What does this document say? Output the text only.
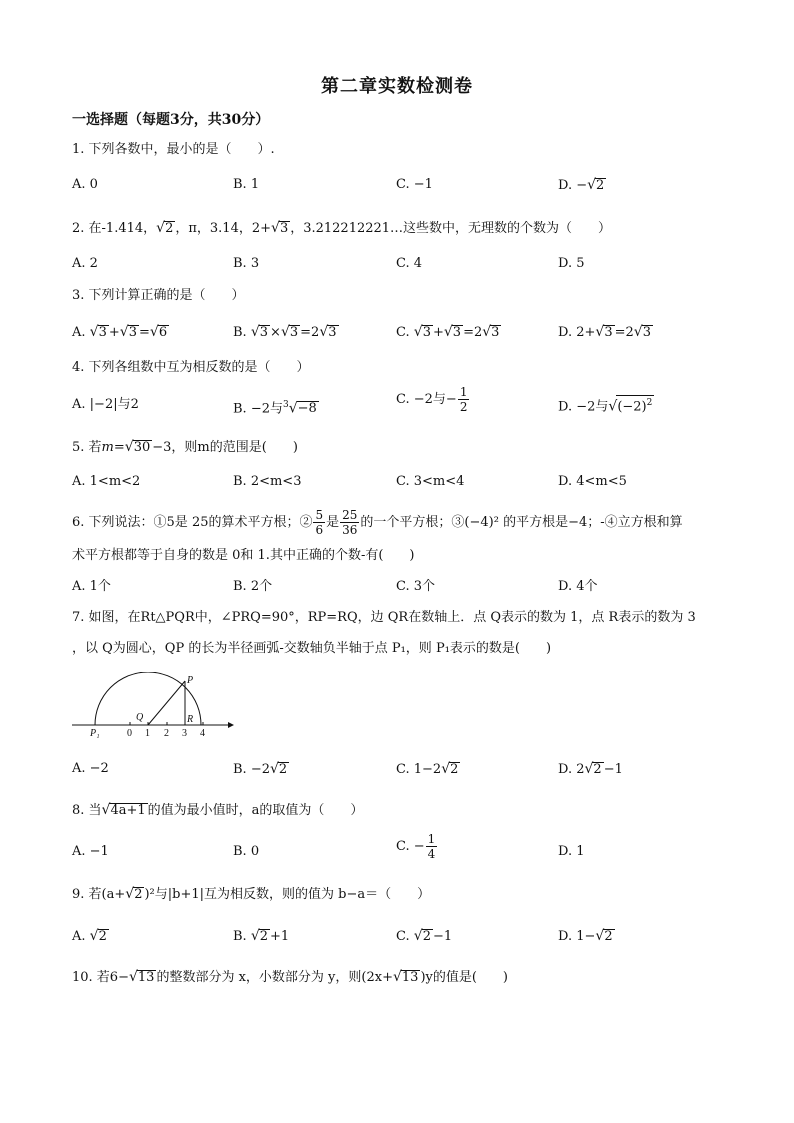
第二章实数检测卷
一选择题（每题3分，共30分）
1. 下列各数中，最小的是（　　）.
A. 0	B. 1	C. −1	D. −√2
2. 在-1.414，√2 ，π，3.14，2+√3 ，3.212212221…这些数中，无理数的个数为（　　）
A. 2	B. 3	C. 4	D. 5
3. 下列计算正确的是（　　）
A. √3 +√3 =√6	B. √3 ×√3 =2√3	C. √3 +√3 =2√3	D. 2+√3 =2√3
4. 下列各组数中互为相反数的是（　　）
A. |−2|与2	B. −2与$^3$√−8
C. −2与− $\frac{1}{2}$	D. −2与$√(-2)^2$
5. 若m=√30 −3，则m的范围是(　　)
A. 1<m<2	B. 2<m<3	C. 3<m<4	D. 4<m<5
6. 下列说法：①5是 25的算术平方根；② $\frac{5}{6}$ 是 $\frac{25}{36}$ 的一个平方根；③(−4)² 的平方根是−4；-④立方根和算
术平方根都等于自身的数是 0和 1.其中正确的个数-有(　　)
A. 1个	B. 2个	C. 3个	D. 4个
7. 如图，在Rt△PQR中，∠PRQ=90°，RP=RQ，边 QR在数轴上．点 Q表示的数为 1，点 R表示的数为 3
，以 Q为圆心，QP 的长为半径画弧-交数轴负半轴于点 P₁，则 P₁表示的数是(　　)
P
Q	R
P₁	0 1 2 3 4
A. −2	B. −2√2	C. 1−2√2	D. 2√2 −1
8. 当√4a+1 的值为最小值时，a的取值为（　　）
A. −1	B. 0	C. − $\frac{1}{4}$	D. 1
9. 若(a+√2 )²与|b+1|互为相反数，则的值为 b−a＝（　　）
A. √2	B. √2 +1	C. √2 −1	D. 1−√2
10. 若6−√13 的整数部分为 x，小数部分为 y，则(2x+√13 )y的值是(　　)
